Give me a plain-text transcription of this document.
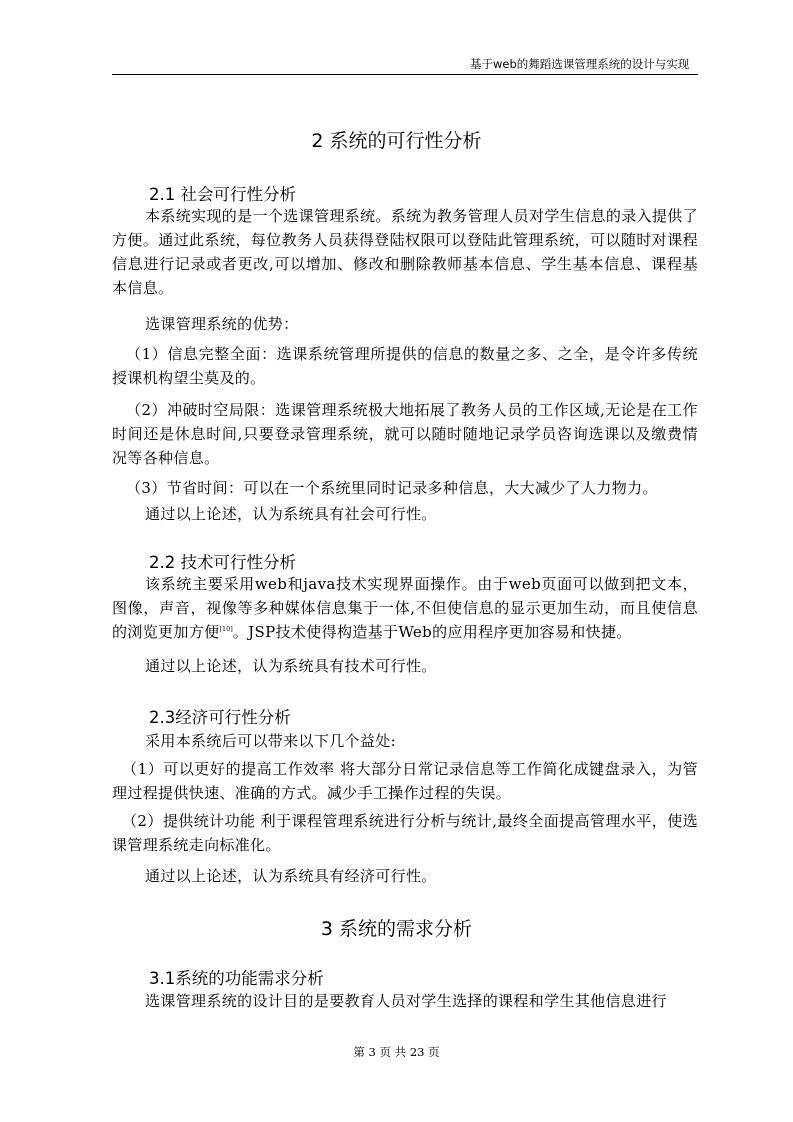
基于web的舞蹈选课管理系统的设计与实现
2 系统的可行性分析
2.1 社会可行性分析

本系统实现的是一个选课管理系统。系统为教务管理人员对学生信息的录入提供了方便。通过此系统，每位教务人员获得登陆权限可以登陆此管理系统，可以随时对课程信息进行记录或者更改,可以增加、修改和删除教师基本信息、学生基本信息、课程基本信息。

选课管理系统的优势：

（1）信息完整全面：选课系统管理所提供的信息的数量之多、之全，是令许多传统授课机构望尘莫及的。

（2）冲破时空局限：选课管理系统极大地拓展了教务人员的工作区域,无论是在工作时间还是休息时间,只要登录管理系统，就可以随时随地记录学员咨询选课以及缴费情况等各种信息。

（3）节省时间：可以在一个系统里同时记录多种信息，大大减少了人力物力。

通过以上论述，认为系统具有社会可行性。

2.2 技术可行性分析

该系统主要采用web和java技术实现界面操作。由于web页面可以做到把文本，图像，声音，视像等多种媒体信息集于一体,不但使信息的显示更加生动，而且使信息的浏览更加方便[10]。JSP技术使得构造基于Web的应用程序更加容易和快捷。

通过以上论述，认为系统具有技术可行性。

2.3经济可行性分析

采用本系统后可以带来以下几个益处:

（1）可以更好的提高工作效率 将大部分日常记录信息等工作简化成键盘录入，为管理过程提供快速、准确的方式。减少手工操作过程的失误。

（2）提供统计功能 利于课程管理系统进行分析与统计,最终全面提高管理水平，使选课管理系统走向标准化。

通过以上论述，认为系统具有经济可行性。

3 系统的需求分析
3.1系统的功能需求分析

选课管理系统的设计目的是要教育人员对学生选择的课程和学生其他信息进行

第 3 页 共 23 页
